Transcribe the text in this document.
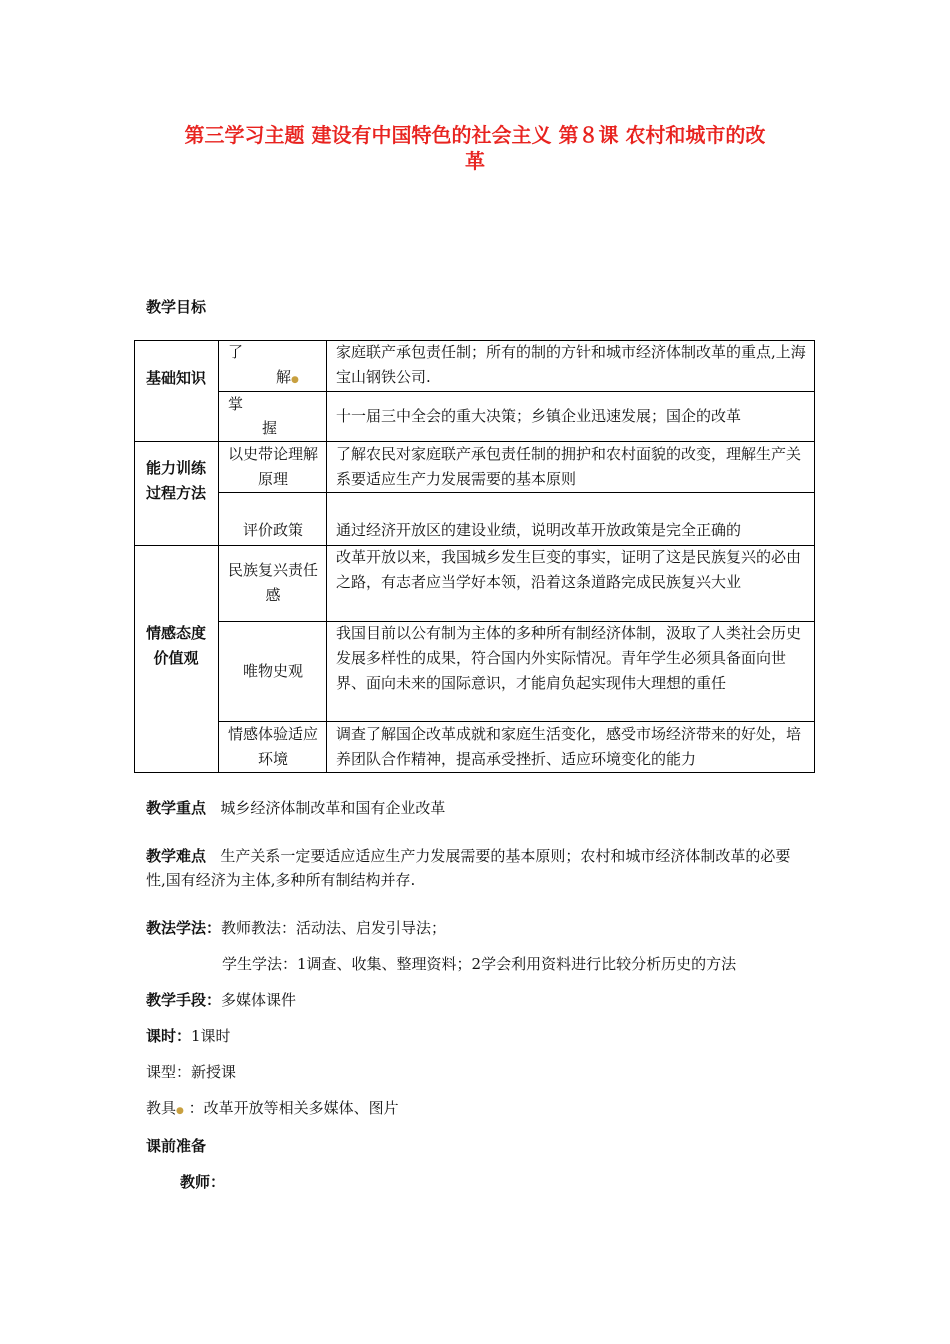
第三学习主题 建设有中国特色的社会主义 第８课 农村和城市的改
革
教学目标
基础知识
能力训练过程方法
情感态度价值观
了
解●
家庭联产承包责任制；所有的制的方针和城市经济体制改革的重点,上海宝山钢铁公司.
掌
握
十一届三中全会的重大决策；乡镇企业迅速发展；国企的改革
以史带论理解原理
了解农民对家庭联产承包责任制的拥护和农村面貌的改变，理解生产关系要适应生产力发展需要的基本原则
评价政策	通过经济开放区的建设业绩，说明改革开放政策是完全正确的
民族复兴责任 感
改革开放以来，我国城乡发生巨变的事实，证明了这是民族复兴的必由之路，有志者应当学好本领，沿着这条道路完成民族复兴大业
唯物史观
我国目前以公有制为主体的多种所有制经济体制，汲取了人类社会历史发展多样性的成果，符合国内外实际情况。青年学生必须具备面向世界、面向未来的国际意识，才能肩负起实现伟大理想的重任
情感体验适应环境
调查了解国企改革成就和家庭生活变化，感受市场经济带来的好处，培养团队合作精神，提高承受挫折、适应环境变化的能力
教学重点 城乡经济体制改革和国有企业改革
教学难点 生产关系一定要适应适应生产力发展需要的基本原则；农村和城市经济体制改革的必要性,国有经济为主体,多种所有制结构并存.
教法学法：教师教法：活动法、启发引导法；
学生学法：1调查、收集、整理资料；2学会利用资料进行比较分析历史的方法
教学手段：多媒体课件
课时：1课时
课型：新授课
教具● ：改革开放等相关多媒体、图片
课前准备
教师：
